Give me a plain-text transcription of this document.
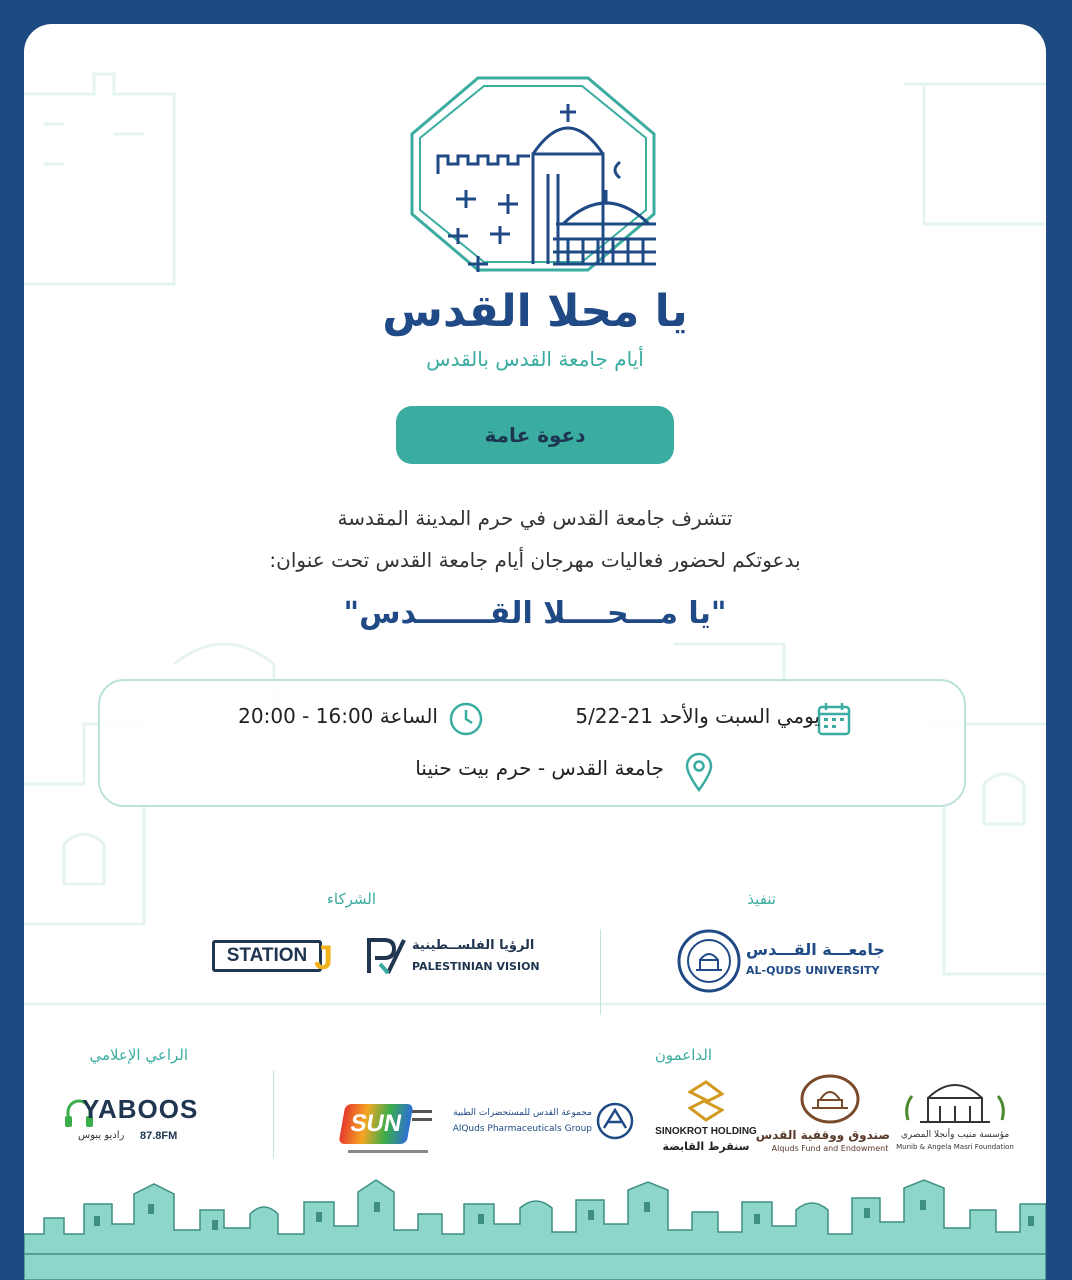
يا محلا القدس
أيام جامعة القدس بالقدس
دعوة عامة
تتشرف جامعة القدس في حرم المدينة المقدسة
بدعوتكم لحضور فعاليات مهرجان أيام جامعة القدس تحت عنوان:
"يا مـــحــــلا القـــــــدس"
يومي السبت والأحد 21-5/22
الساعة 16:00 - 20:00
جامعة القدس - حرم بيت حنينا
تنفيذ
الشركاء
الداعمون
الراعي الإعلامي
جامعـــة القـــدس
AL-QUDS UNIVERSITY
الرؤيا الفلســطينية
PALESTINIAN VISION
STATION J
مؤسسة منيب وأنجلا المصري
Munib & Angela Masri Foundation
صندوق ووقفية القدس
Alquds Fund and Endowment
SINOKROT HOLDING
سنقرط القابضة
مجموعة القدس للمستحضرات الطبية
AlQuds Pharmaceuticals Group
SUN
YABOOS
راديو يبوس 87.8FM
